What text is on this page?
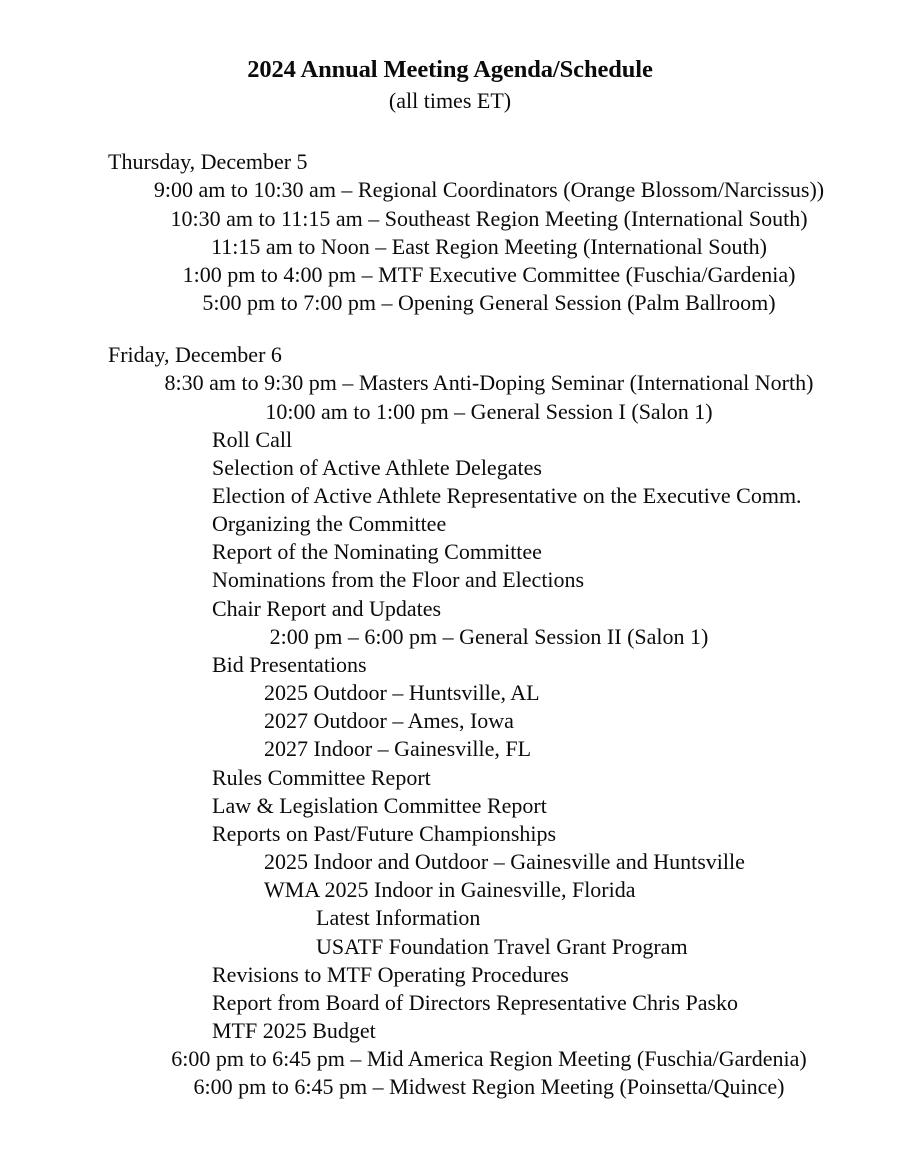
2024 Annual Meeting Agenda/Schedule
(all times ET)
Thursday, December 5
9:00 am to 10:30 am – Regional Coordinators (Orange Blossom/Narcissus))
10:30 am to 11:15 am – Southeast Region Meeting (International South)
11:15 am to Noon – East Region Meeting (International South)
1:00 pm to 4:00 pm – MTF Executive Committee (Fuschia/Gardenia)
5:00 pm to 7:00 pm – Opening General Session (Palm Ballroom)
Friday, December 6
8:30 am to 9:30 pm – Masters Anti-Doping Seminar (International North)
10:00 am to 1:00 pm – General Session I (Salon 1)
Roll Call
Selection of Active Athlete Delegates
Election of Active Athlete Representative on the Executive Comm.
Organizing the Committee
Report of the Nominating Committee
Nominations from the Floor and Elections
Chair Report and Updates
2:00 pm – 6:00 pm – General Session II (Salon 1)
Bid Presentations
2025 Outdoor – Huntsville, AL
2027 Outdoor – Ames, Iowa
2027 Indoor – Gainesville, FL
Rules Committee Report
Law & Legislation Committee Report
Reports on Past/Future Championships
2025 Indoor and Outdoor – Gainesville and Huntsville
WMA 2025 Indoor in Gainesville, Florida
Latest Information
USATF Foundation Travel Grant Program
Revisions to MTF Operating Procedures
Report from Board of Directors Representative Chris Pasko
MTF 2025 Budget
6:00 pm to 6:45 pm – Mid America Region Meeting (Fuschia/Gardenia)
6:00 pm to 6:45 pm – Midwest Region Meeting (Poinsetta/Quince)
